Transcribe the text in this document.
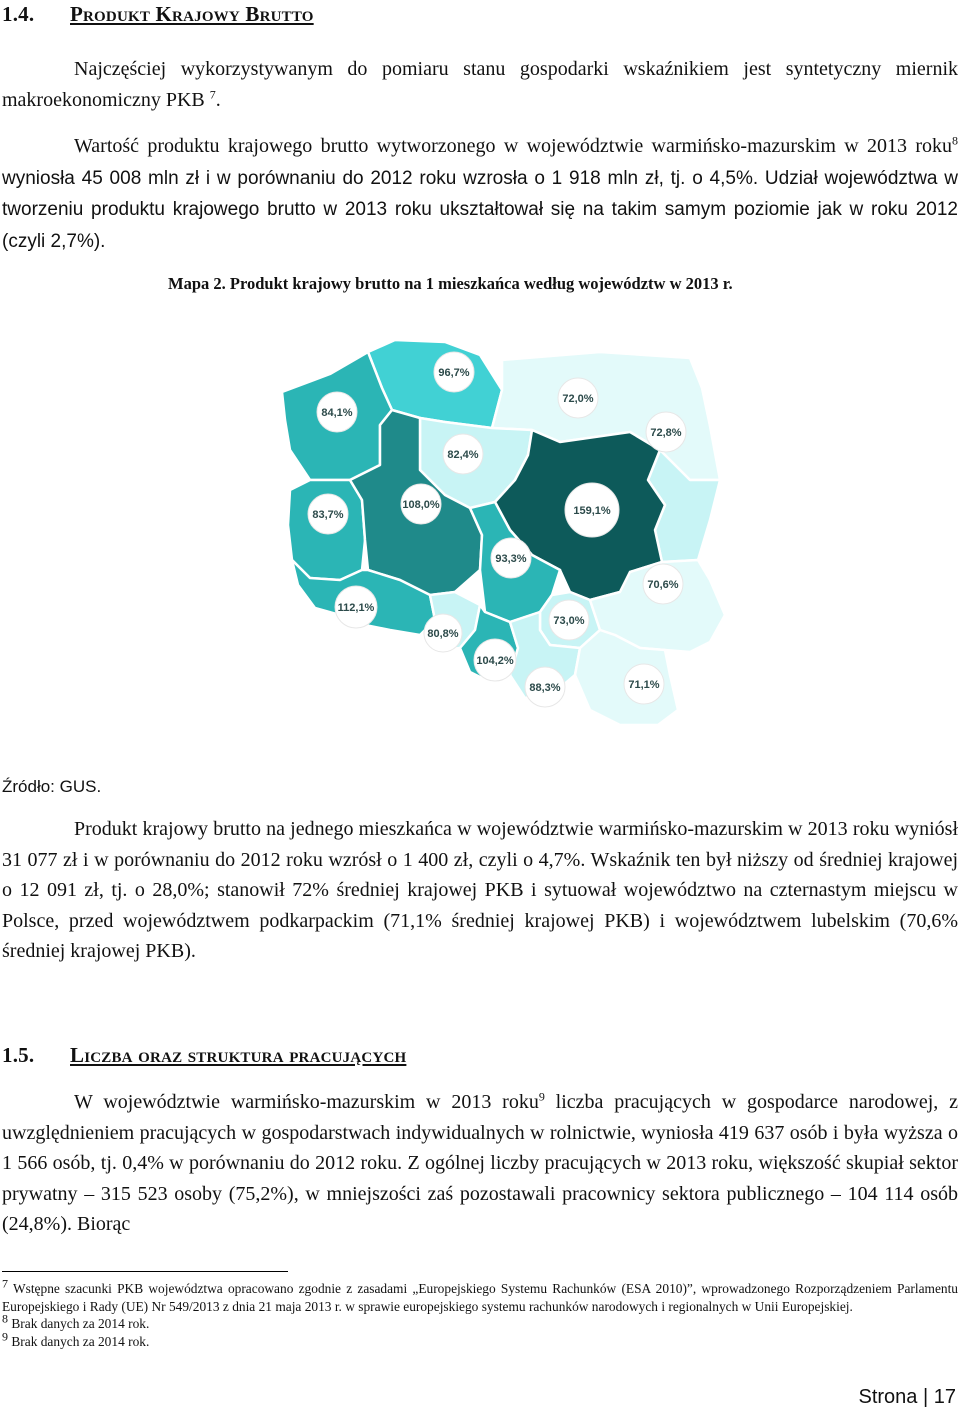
1.4. Produkt Krajowy Brutto
Najczęściej wykorzystywanym do pomiaru stanu gospodarki wskaźnikiem jest syntetyczny miernik makroekonomiczny PKB $^7$.
Wartość produktu krajowego brutto wytworzonego w województwie warmińsko-mazurskim w 2013 roku$^8$ wyniosła 45 008 mln zł i w porównaniu do 2012 roku wzrosła o 1 918 mln zł, tj. o 4,5%. Udział województwa w tworzeniu produktu krajowego brutto w 2013 roku ukształtował się na takim samym poziomie jak w roku 2012 (czyli 2,7%).
Mapa 2. Produkt krajowy brutto na 1 mieszkańca według województw w 2013 r.
96,7%
84,1%
72,0%
72,8%
82,4%
108,0%
83,7%	159,1%
93,3%
70,6%
112,1%
80,8%
73,0%
104,2%
88,3%	71,1%
Źródło: GUS.
Produkt krajowy brutto na jednego mieszkańca w województwie warmińsko-mazurskim w 2013 roku wyniósł 31 077 zł i w porównaniu do 2012 roku wzrósł o 1 400 zł, czyli o 4,7%. Wskaźnik ten był niższy od średniej krajowej o 12 091 zł, tj. o 28,0%; stanowił 72% średniej krajowej PKB i sytuował województwo na czternastym miejscu w Polsce, przed województwem podkarpackim (71,1% średniej krajowej PKB) i województwem lubelskim (70,6% średniej krajowej PKB).
1.5. Liczba oraz struktura pracujących
W województwie warmińsko-mazurskim w 2013 roku$^9$ liczba pracujących w gospodarce narodowej, z uwzględnieniem pracujących w gospodarstwach indywidualnych w rolnictwie, wyniosła 419 637 osób i była wyższa o 1 566 osób, tj. 0,4% w porównaniu do 2012 roku. Z ogólnej liczby pracujących w 2013 roku, większość skupiał sektor prywatny – 315 523 osoby (75,2%), w mniejszości zaś pozostawali pracownicy sektora publicznego – 104 114 osób (24,8%). Biorąc
$^7$ Wstępne szacunki PKB województwa opracowano zgodnie z zasadami „Europejskiego Systemu Rachunków (ESA 2010)”, wprowadzonego Rozporządzeniem Parlamentu Europejskiego i Rady (UE) Nr 549/2013 z dnia 21 maja 2013 r. w sprawie europejskiego systemu rachunków narodowych i regionalnych w Unii Europejskiej.
$^8$ Brak danych za 2014 rok.
$^9$ Brak danych za 2014 rok.
Strona | 17
